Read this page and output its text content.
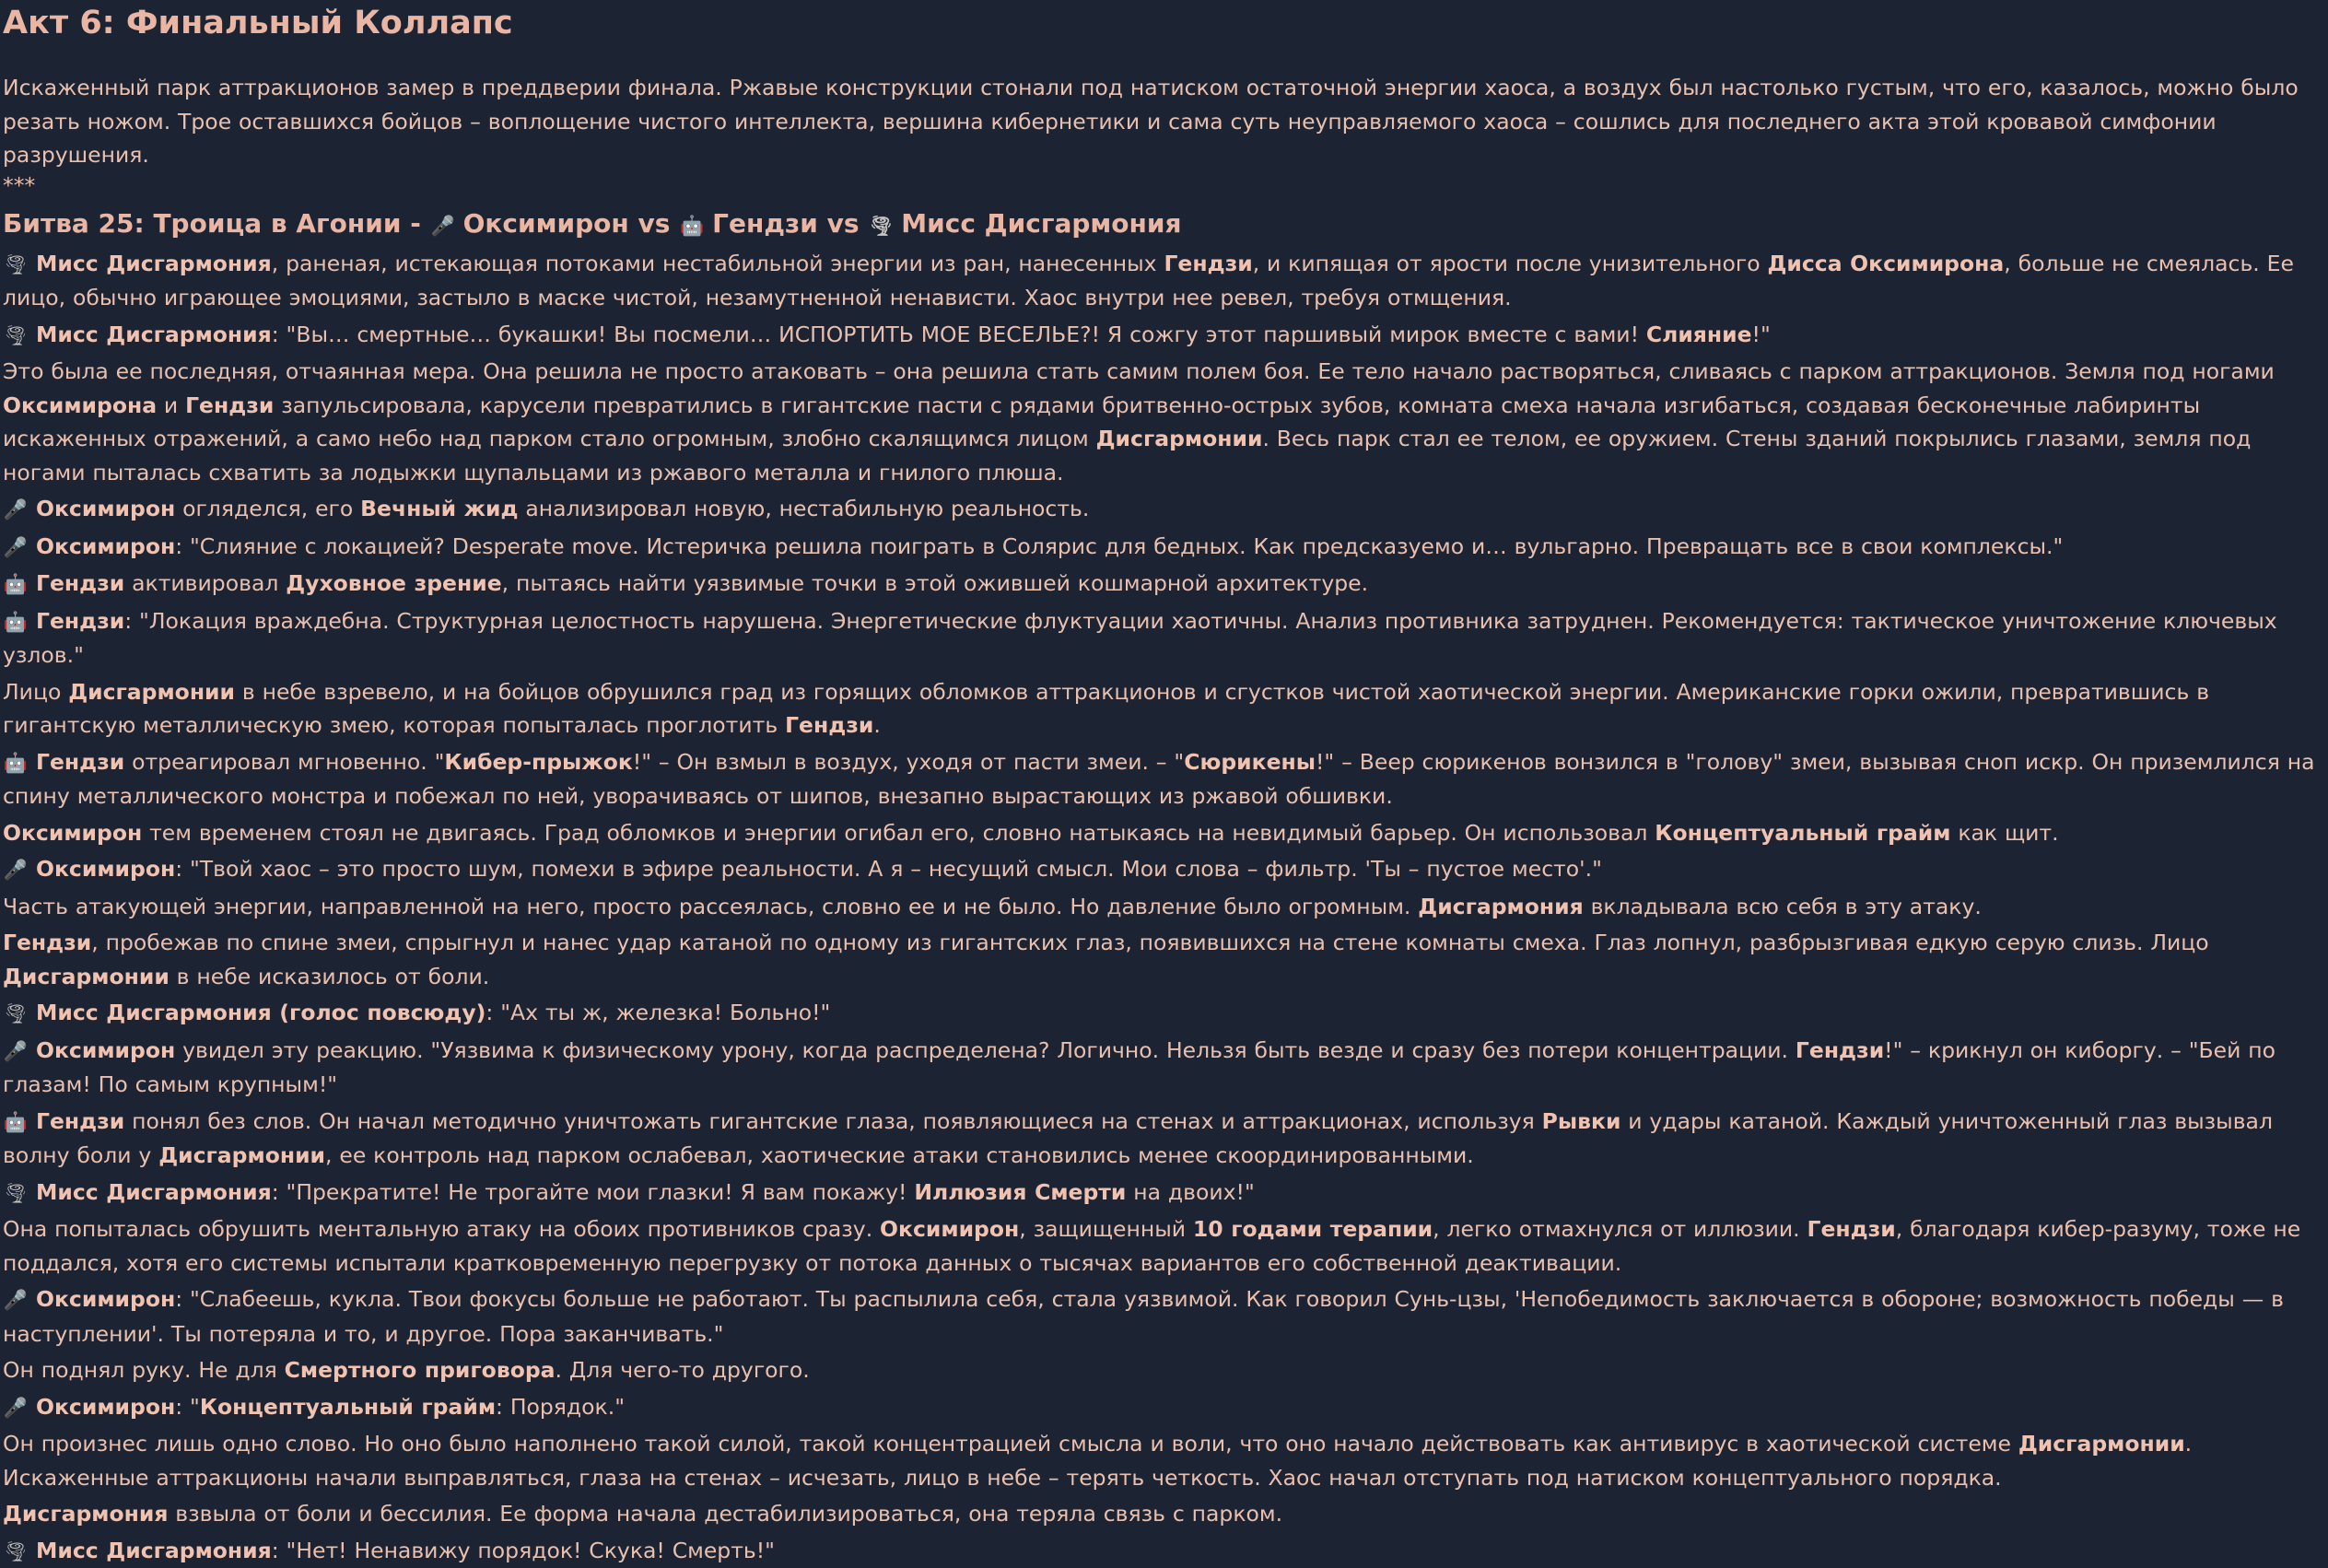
Акт 6: Финальный Коллапс

Искаженный парк аттракционов замер в преддверии финала. Ржавые конструкции стонали под натиском остаточной энергии хаоса, а воздух был настолько густым, что его, казалось, можно было резать ножом. Трое оставшихся бойцов – воплощение чистого интеллекта, вершина кибернетики и сама суть неуправляемого хаоса – сошлись для последнего акта этой кровавой симфонии разрушения.

***
Битва 25: Троица в Агонии - 🎤 Оксимирон vs 🤖 Гендзи vs 🌪 Мисс Дисгармония

🌪 Мисс Дисгармония, раненая, истекающая потоками нестабильной энергии из ран, нанесенных Гендзи, и кипящая от ярости после унизительного Дисса Оксимирона, больше не смеялась. Ее лицо, обычно играющее эмоциями, застыло в маске чистой, незамутненной ненависти. Хаос внутри нее ревел, требуя отмщения.

🌪 Мисс Дисгармония: "Вы… смертные… букашки! Вы посмели… ИСПОРТИТЬ МОЕ ВЕСЕЛЬЕ?! Я сожгу этот паршивый мирок вместе с вами! Слияние!"

Это была ее последняя, отчаянная мера. Она решила не просто атаковать – она решила стать самим полем боя. Ее тело начало растворяться, сливаясь с парком аттракционов. Земля под ногами Оксимирона и Гендзи запульсировала, карусели превратились в гигантские пасти с рядами бритвенно-острых зубов, комната смеха начала изгибаться, создавая бесконечные лабиринты искаженных отражений, а само небо над парком стало огромным, злобно скалящимся лицом Дисгармонии. Весь парк стал ее телом, ее оружием. Стены зданий покрылись глазами, земля под ногами пыталась схватить за лодыжки щупальцами из ржавого металла и гнилого плюша.

🎤 Оксимирон огляделся, его Вечный жид анализировал новую, нестабильную реальность.

🎤 Оксимирон: "Слияние с локацией? Desperate move. Истеричка решила поиграть в Солярис для бедных. Как предсказуемо и… вульгарно. Превращать все в свои комплексы."

🤖 Гендзи активировал Духовное зрение, пытаясь найти уязвимые точки в этой ожившей кошмарной архитектуре.

🤖 Гендзи: "Локация враждебна. Структурная целостность нарушена. Энергетические флуктуации хаотичны. Анализ противника затруднен. Рекомендуется: тактическое уничтожение ключевых узлов."

Лицо Дисгармонии в небе взревело, и на бойцов обрушился град из горящих обломков аттракционов и сгустков чистой хаотической энергии. Американские горки ожили, превратившись в гигантскую металлическую змею, которая попыталась проглотить Гендзи.

🤖 Гендзи отреагировал мгновенно. "Кибер-прыжок!" – Он взмыл в воздух, уходя от пасти змеи. – "Сюрикены!" – Веер сюрикенов вонзился в "голову" змеи, вызывая сноп искр. Он приземлился на спину металлического монстра и побежал по ней, уворачиваясь от шипов, внезапно вырастающих из ржавой обшивки.

Оксимирон тем временем стоял не двигаясь. Град обломков и энергии огибал его, словно натыкаясь на невидимый барьер. Он использовал Концептуальный грайм как щит.

🎤 Оксимирон: "Твой хаос – это просто шум, помехи в эфире реальности. А я – несущий смысл. Мои слова – фильтр. 'Ты – пустое место'."

Часть атакующей энергии, направленной на него, просто рассеялась, словно ее и не было. Но давление было огромным. Дисгармония вкладывала всю себя в эту атаку.

Гендзи, пробежав по спине змеи, спрыгнул и нанес удар катаной по одному из гигантских глаз, появившихся на стене комнаты смеха. Глаз лопнул, разбрызгивая едкую серую слизь. Лицо Дисгармонии в небе исказилось от боли.

🌪 Мисс Дисгармония (голос повсюду): "Ах ты ж, железка! Больно!"

🎤 Оксимирон увидел эту реакцию. "Уязвима к физическому урону, когда распределена? Логично. Нельзя быть везде и сразу без потери концентрации. Гендзи!" – крикнул он киборгу. – "Бей по глазам! По самым крупным!"

🤖 Гендзи понял без слов. Он начал методично уничтожать гигантские глаза, появляющиеся на стенах и аттракционах, используя Рывки и удары катаной. Каждый уничтоженный глаз вызывал волну боли у Дисгармонии, ее контроль над парком ослабевал, хаотические атаки становились менее скоординированными.

🌪 Мисс Дисгармония: "Прекратите! Не трогайте мои глазки! Я вам покажу! Иллюзия Смерти на двоих!"

Она попыталась обрушить ментальную атаку на обоих противников сразу. Оксимирон, защищенный 10 годами терапии, легко отмахнулся от иллюзии. Гендзи, благодаря кибер-разуму, тоже не поддался, хотя его системы испытали кратковременную перегрузку от потока данных о тысячах вариантов его собственной деактивации.

🎤 Оксимирон: "Слабеешь, кукла. Твои фокусы больше не работают. Ты распылила себя, стала уязвимой. Как говорил Сунь-цзы, 'Непобедимость заключается в обороне; возможность победы — в наступлении'. Ты потеряла и то, и другое. Пора заканчивать."

Он поднял руку. Не для Смертного приговора. Для чего-то другого.

🎤 Оксимирон: "Концептуальный грайм: Порядок."

Он произнес лишь одно слово. Но оно было наполнено такой силой, такой концентрацией смысла и воли, что оно начало действовать как антивирус в хаотической системе Дисгармонии. Искаженные аттракционы начали выправляться, глаза на стенах – исчезать, лицо в небе – терять четкость. Хаос начал отступать под натиском концептуального порядка.

Дисгармония взвыла от боли и бессилия. Ее форма начала дестабилизироваться, она теряла связь с парком.

🌪 Мисс Дисгармония: "Нет! Ненавижу порядок! Скука! Смерть!"
